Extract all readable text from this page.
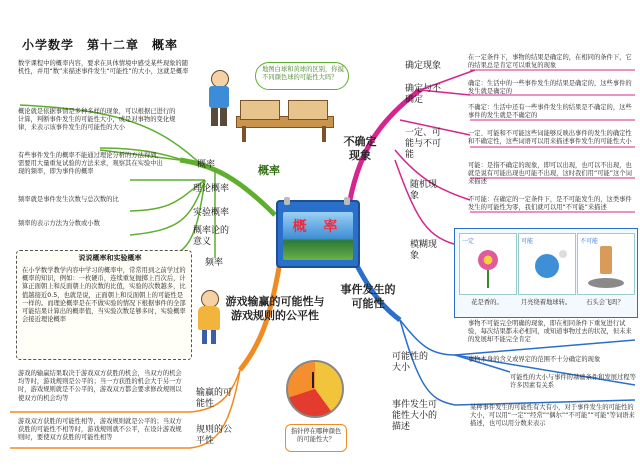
小学数学　第十二章　概率
概 率
地图白球和黄球的区别，你摸不同颜色球的可能性大吗？
概率
概率
理论概率
实验概率
概率论的意义
频率
数学课程中的概率内容，要求在具体情境中感受某些现象的随机性，并用“数”来描述事件发生“可能性”的大小，这就是概率
概论就是依据事情是多种多样的现象，可以根据已进行的计算，判断事件发生的可能性大小，或是对事物的变化规律，来表示该事件发生的可能性的大小
有些事件发生的概率不能通过理论分析的方法得到，需要用大量重复试验的方法来求，观察其在实验中出现的频率，即为事件的概率
频率就是事件发生次数与总次数的比
频率的表示方法为分数或小数
说说概率和实验概率
在小学数学教学内容中学习的概率中，常常用到之前学过的概率的知识，例如：一枚硬币，连续重复抛掷上百次后，计算正面朝上和反面朝上的次数的比值，实验的次数越多，比值越接近0.5，也就是说，正面朝上和反面朝上的可能性是一样的。而理论概率是在不做实验的情况下根据事件的全部可能结果计算出的概率值，当实验次数足够多时，实验概率会接近理论概率
游戏输赢的可能性与游戏规则的公平性
输赢的可能性
规则的公平性
游戏的输赢结果取决于游戏双方获胜的机会，当双方的机会均等时，游戏规则是公平的；当一方获胜的机会大于另一方时，游戏规则就是不公平的，游戏双方都会要求修改规则以使双方的机会均等
游戏双方获胜的可能性相等，游戏规则就是公平的；当双方获胜的可能性不相等时，游戏规则就不公平，在设计游戏规则时，要使双方获胜的可能性相等
指针停在哪种颜色的可能性大？
不确定现象
确定现象
确定与不确定
一定、可能与不可能
随机现象
模糊现象
在一定条件下，事物的结果是确定的，在相同的条件下，它的结果总是肯定可以重复的现象
确定：生活中的一些事件发生的结果是确定的，这些事件的发生就是确定的
不确定：生活中还有一些事件发生的结果是不确定的，这些事件的发生就是不确定的
一定、可能和不可能这些词能够反映出事件的发生的确定性和不确定性，这些词语可以用来描述事件发生的可能性大小
可能：是指不确定的现象，即可以出现，也可以不出现，也就是说有可能出现也可能不出现，这时我们用“可能”这个词来描述
不可能：在确定的一定条件下，是不可能发生的，这类事件发生的可能性为零，我们就可以用“不可能”来描述
一定	可能	不可能
花是香的。	月亮绕着地球转。	石头会飞吗？
事物不可能完全明确的现象，即在相同条件下重复进行试验，每次结果都未必相同，或知道事物过去的状况，但未来的发展却不能完全肯定
事物本身的含义或界定的范围不十分确定的现象
事件发生的可能性
可能性的大小
事件发生可能性大小的描述
可能性的大小与事件的基础条件和发展过程等许多因素有关系
某种事件发生的可能性有大有小，对于事件发生的可能性的大小，可以用“一定”“经常”“偶尔”“不可能”“可能”等词语来描述，也可以用分数来表示
